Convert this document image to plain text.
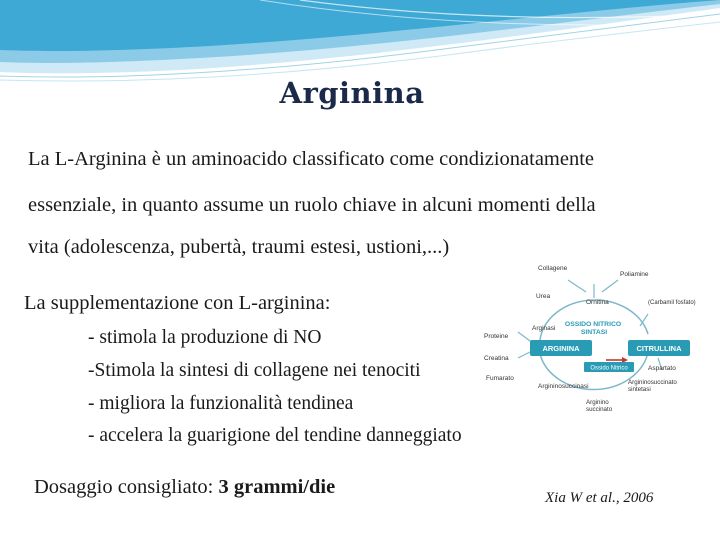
Arginina
La L-Arginina è un aminoacido classificato come condizionatamente
essenziale, in quanto assume un ruolo chiave in alcuni momenti della
vita (adolescenza, pubertà, traumi estesi, ustioni,...)
La supplementazione con L-arginina:
‐ stimola la produzione di NO
‐Stimola la sintesi di collagene nei tenociti
‐ migliora la funzionalità tendinea
‐ accelera la guarigione del tendine danneggiato
Dosaggio consigliato: 3 grammi/die	Xia W et al., 2006
Collagene
Poliamine
Urea
Ornitina	(Carbamil fosfato)
Arginasi
OSSIDO NITRICO SINTASI
Proteine
ARGININA	CITRULLINA
Creatina
Ossido Nitrico	Aspartato
Fumarato
Argininosuccinasi
Argininosuccinato sintetasi
Arginino succinato
